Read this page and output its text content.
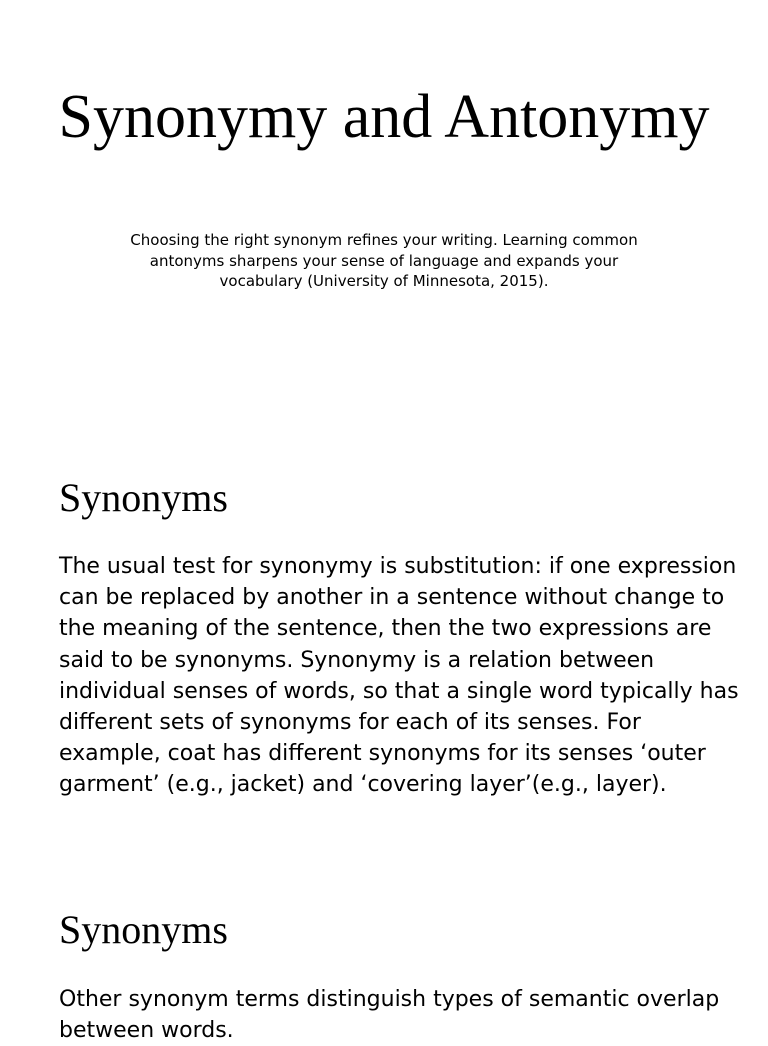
Synonymy and Antonymy

Choosing the right synonym refines your writing. Learning common antonyms sharpens your sense of language and expands your vocabulary (University of Minnesota, 2015).

Synonyms

The usual test for synonymy is substitution: if one expression can be replaced by another in a sentence without change to the meaning of the sentence, then the two expressions are said to be synonyms. Synonymy is a relation between individual senses of words, so that a single word typically has different sets of synonyms for each of its senses. For example, coat has different synonyms for its senses ‘outer garment’ (e.g., jacket) and ‘covering layer’(e.g., layer).

Synonyms

Other synonym terms distinguish types of semantic overlap between words.
